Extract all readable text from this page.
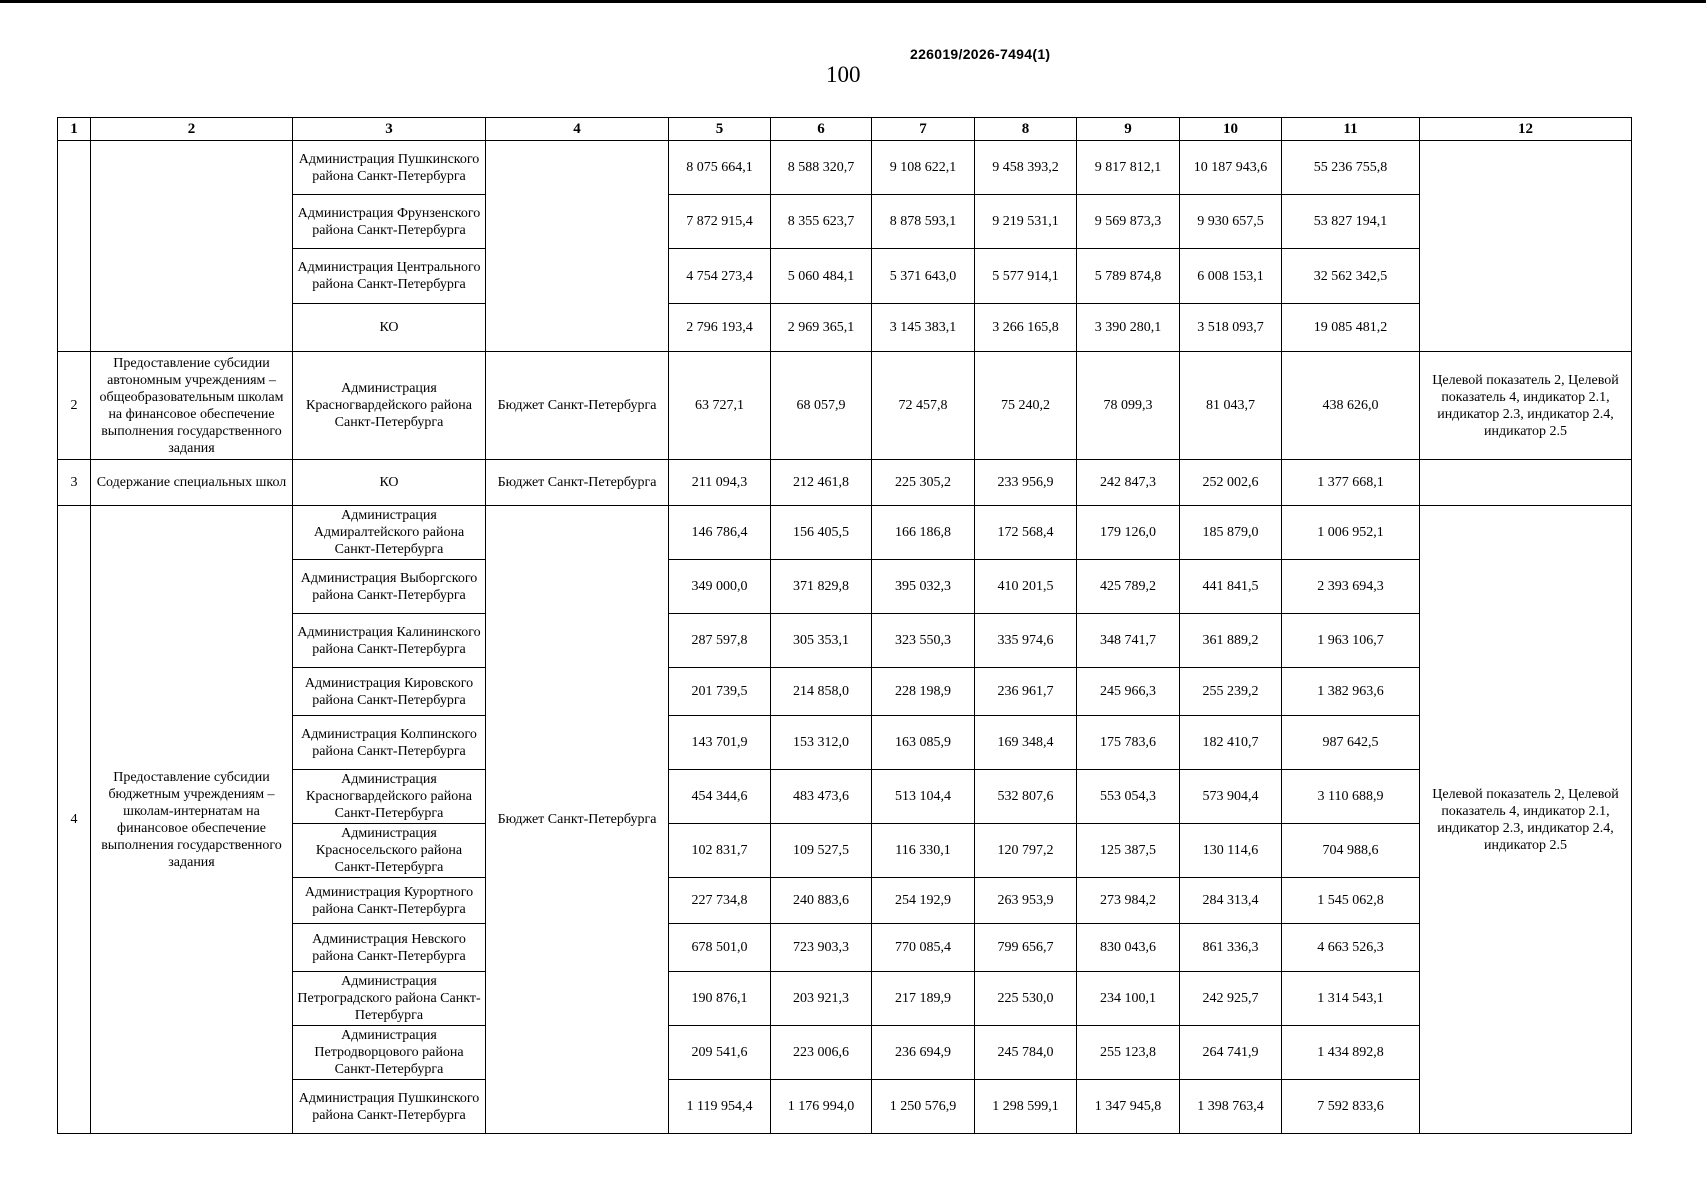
226019/2026-7494(1)
100
1	2	3	4	5	6	7	8	9	10	11	12
		Администрация Пушкинского района Санкт-Петербурга		8 075 664,1	8 588 320,7	9 108 622,1	9 458 393,2	9 817 812,1	10 187 943,6	55 236 755,8	
		Администрация Фрунзенского района Санкт-Петербурга		7 872 915,4	8 355 623,7	8 878 593,1	9 219 531,1	9 569 873,3	9 930 657,5	53 827 194,1	
		Администрация Центрального района Санкт-Петербурга		4 754 273,4	5 060 484,1	5 371 643,0	5 577 914,1	5 789 874,8	6 008 153,1	32 562 342,5	
		КО		2 796 193,4	2 969 365,1	3 145 383,1	3 266 165,8	3 390 280,1	3 518 093,7	19 085 481,2	
2	Предоставление субсидии автономным учреждениям – общеобразовательным школам на финансовое обеспечение выполнения государственного задания	Администрация Красногвардейского района Санкт-Петербурга	Бюджет Санкт-Петербурга	63 727,1	68 057,9	72 457,8	75 240,2	78 099,3	81 043,7	438 626,0	Целевой показатель 2, Целевой показатель 4, индикатор 2.1, индикатор 2.3, индикатор 2.4, индикатор 2.5
3	Содержание специальных школ	КО	Бюджет Санкт-Петербурга	211 094,3	212 461,8	225 305,2	233 956,9	242 847,3	252 002,6	1 377 668,1	
4	Предоставление субсидии бюджетным учреждениям – школам-интернатам на финансовое обеспечение выполнения государственного задания	Администрация Адмиралтейского района Санкт-Петербурга	Бюджет Санкт-Петербурга	146 786,4	156 405,5	166 186,8	172 568,4	179 126,0	185 879,0	1 006 952,1	Целевой показатель 2, Целевой показатель 4, индикатор 2.1, индикатор 2.3, индикатор 2.4, индикатор 2.5
		Администрация Выборгского района Санкт-Петербурга		349 000,0	371 829,8	395 032,3	410 201,5	425 789,2	441 841,5	2 393 694,3	
		Администрация Калининского района Санкт-Петербурга		287 597,8	305 353,1	323 550,3	335 974,6	348 741,7	361 889,2	1 963 106,7	
		Администрация Кировского района Санкт-Петербурга		201 739,5	214 858,0	228 198,9	236 961,7	245 966,3	255 239,2	1 382 963,6	
		Администрация Колпинского района Санкт-Петербурга		143 701,9	153 312,0	163 085,9	169 348,4	175 783,6	182 410,7	987 642,5	
		Администрация Красногвардейского района Санкт-Петербурга		454 344,6	483 473,6	513 104,4	532 807,6	553 054,3	573 904,4	3 110 688,9	
		Администрация Красносельского района Санкт-Петербурга		102 831,7	109 527,5	116 330,1	120 797,2	125 387,5	130 114,6	704 988,6	
		Администрация Курортного района Санкт-Петербурга		227 734,8	240 883,6	254 192,9	263 953,9	273 984,2	284 313,4	1 545 062,8	
		Администрация Невского района Санкт-Петербурга		678 501,0	723 903,3	770 085,4	799 656,7	830 043,6	861 336,3	4 663 526,3	
		Администрация Петроградского района Санкт-Петербурга		190 876,1	203 921,3	217 189,9	225 530,0	234 100,1	242 925,7	1 314 543,1	
		Администрация Петродворцового района Санкт-Петербурга		209 541,6	223 006,6	236 694,9	245 784,0	255 123,8	264 741,9	1 434 892,8	
		Администрация Пушкинского района Санкт-Петербурга		1 119 954,4	1 176 994,0	1 250 576,9	1 298 599,1	1 347 945,8	1 398 763,4	7 592 833,6	
